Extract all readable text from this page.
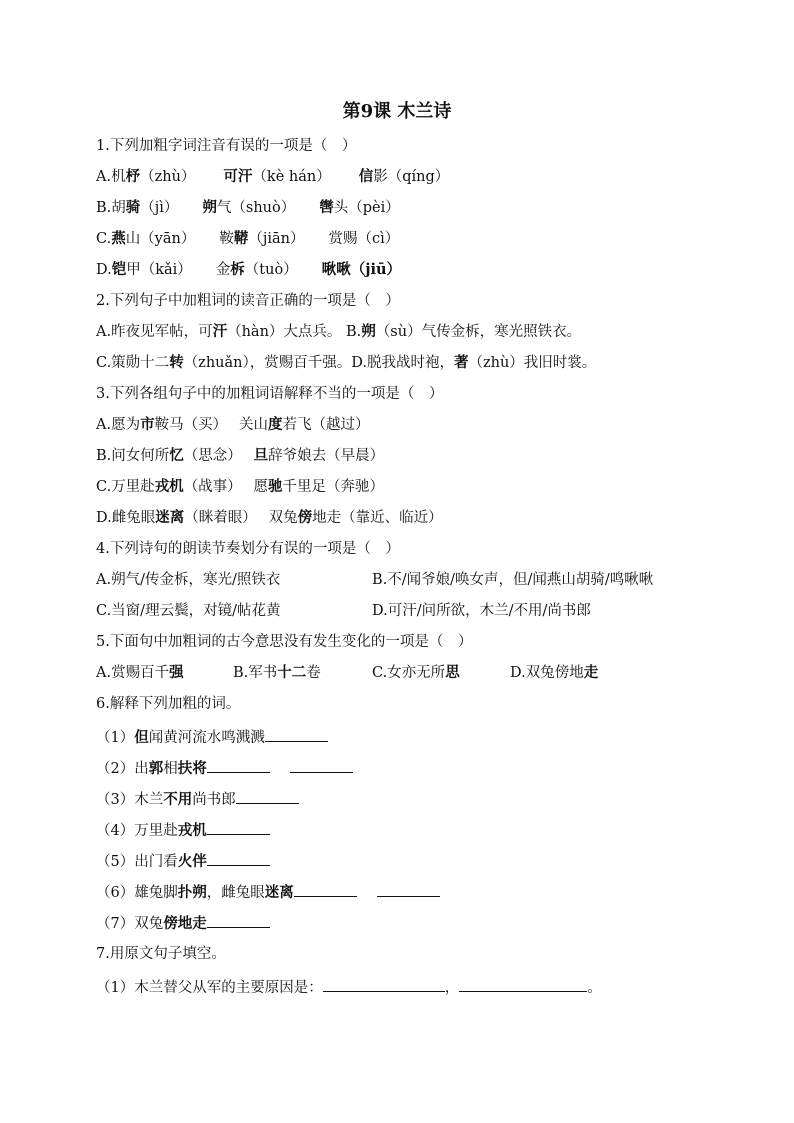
第9课 木兰诗
1.下列加粗字词注音有误的一项是（　）
A.机杼（zhù） 可汗（kè hán） 信影（qíng）
B.胡骑（jì） 朔气（shuò） 辔头（pèi）
C.燕山（yān） 鞍鞯（jiān） 赏赐（cì）
D.铠甲（kǎi） 金柝（tuò） 啾啾（jiū）
2.下列句子中加粗词的读音正确的一项是（　）
A.昨夜见军帖，可汗（hàn）大点兵。 B.朔（sù）气传金柝，寒光照铁衣。
C.策勋十二转（zhuǎn），赏赐百千强。D.脱我战时袍，著（zhù）我旧时裳。
3.下列各组句子中的加粗词语解释不当的一项是（　）
A.愿为市鞍马（买）　 关山度若飞（越过）
B.问女何所忆（思念）　 旦辞爷娘去（早晨）
C.万里赴戎机（战事）　 愿驰千里足（奔驰）
D.雌兔眼迷离（眯着眼）　 双兔傍地走（靠近、临近）
4.下列诗句的朗读节奏划分有误的一项是（　）
A.朔气/传金柝，寒光/照铁衣	B.不/闻爷娘/唤女声，但/闻燕山胡骑/鸣啾啾
C.当窗/理云鬓，对镜/帖花黄	D.可汗/问所欲，木兰/不用/尚书郎
5.下面句中加粗词的古今意思没有发生变化的一项是（　）
A.赏赐百千强	B.军书十二卷	C.女亦无所思	D.双兔傍地走
6.解释下列加粗的词。
（1）但闻黄河流水鸣溅溅
（2）出郭相扶将
（3）木兰不用尚书郎
（4）万里赴戎机
（5）出门看火伴
（6）雄兔脚扑朔，雌兔眼迷离
（7）双兔傍地走
7.用原文句子填空。
（1）木兰替父从军的主要原因是：	，	。
